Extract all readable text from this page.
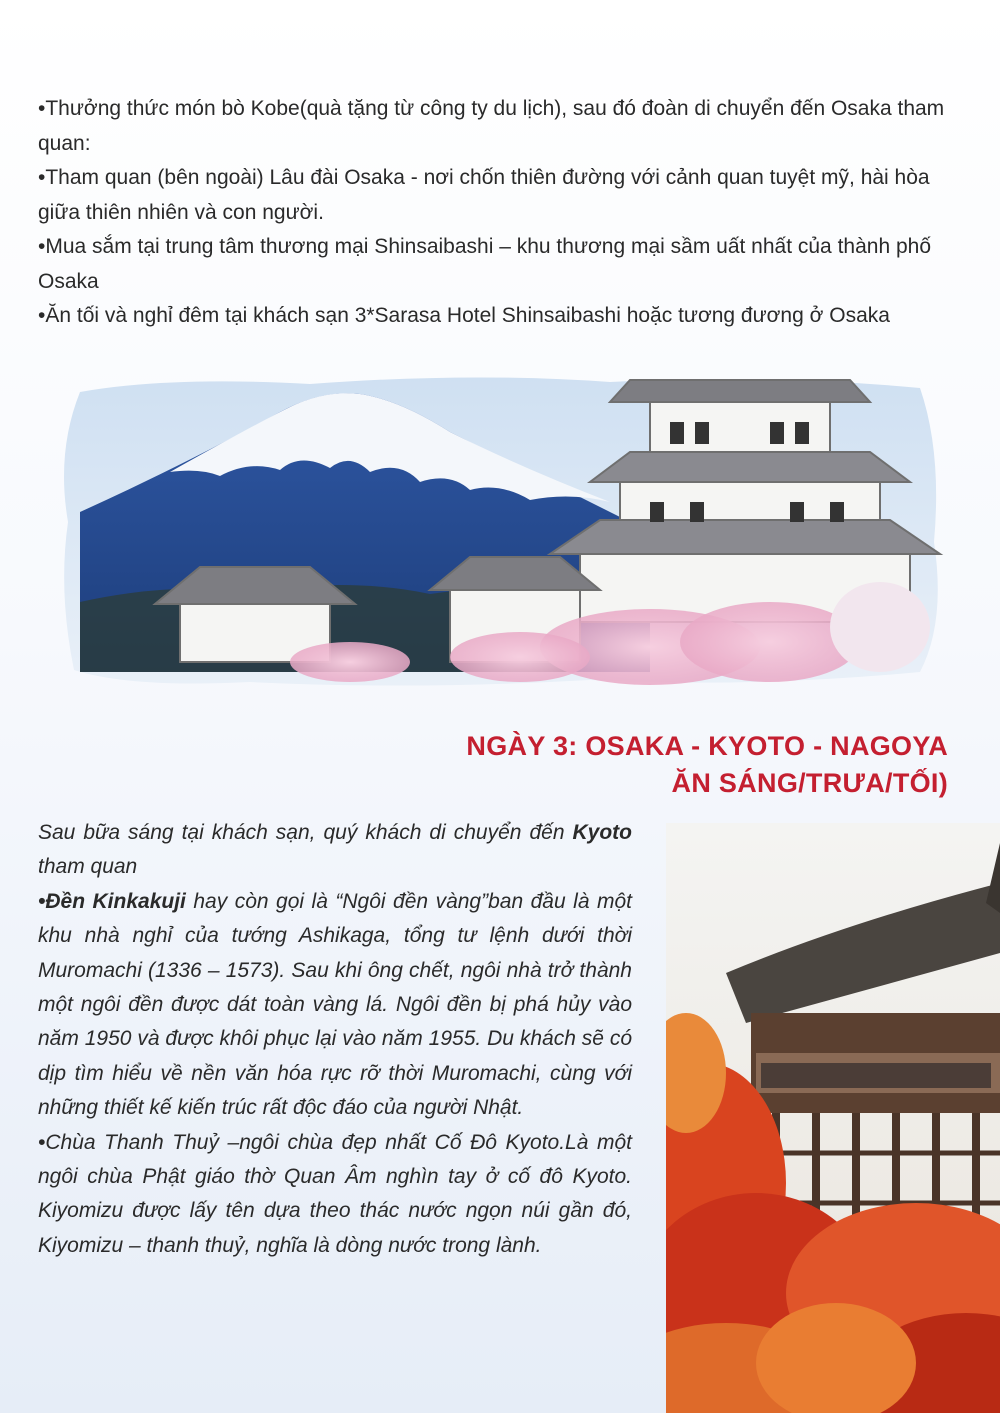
•Thưởng thức món bò Kobe(quà tặng từ công ty du lịch), sau đó đoàn di chuyển đến Osaka tham quan:

•Tham quan (bên ngoài) Lâu đài Osaka - nơi chốn thiên đường với cảnh quan tuyệt mỹ, hài hòa giữa thiên nhiên và con người.

•Mua sắm tại trung tâm thương mại Shinsaibashi – khu thương mại sầm uất nhất của thành phố Osaka

•Ăn tối và nghỉ đêm tại khách sạn 3*Sarasa Hotel Shinsaibashi hoặc tương đương ở Osaka

NGÀY 3: OSAKA - KYOTO - NAGOYA
ĂN SÁNG/TRƯA/TỐI)

Sau bữa sáng tại khách sạn, quý khách di chuyển đến Kyoto tham quan

•Đền Kinkakuji hay còn gọi là “Ngôi đền vàng”ban đầu là một khu nhà nghỉ của tướng Ashikaga, tổng tư lệnh dưới thời Muromachi (1336 – 1573). Sau khi ông chết, ngôi nhà trở thành một ngôi đền được dát toàn vàng lá. Ngôi đền bị phá hủy vào năm 1950 và được khôi phục lại vào năm 1955. Du khách sẽ có dịp tìm hiểu về nền văn hóa rực rỡ thời Muromachi, cùng với những thiết kế kiến trúc rất độc đáo của người Nhật.

•Chùa Thanh Thuỷ –ngôi chùa đẹp nhất Cố Đô Kyoto.Là một ngôi chùa Phật giáo thờ Quan Âm nghìn tay ở cố đô Kyoto. Kiyomizu được lấy tên dựa theo thác nước ngọn núi gần đó, Kiyomizu – thanh thuỷ, nghĩa là dòng nước trong lành.
